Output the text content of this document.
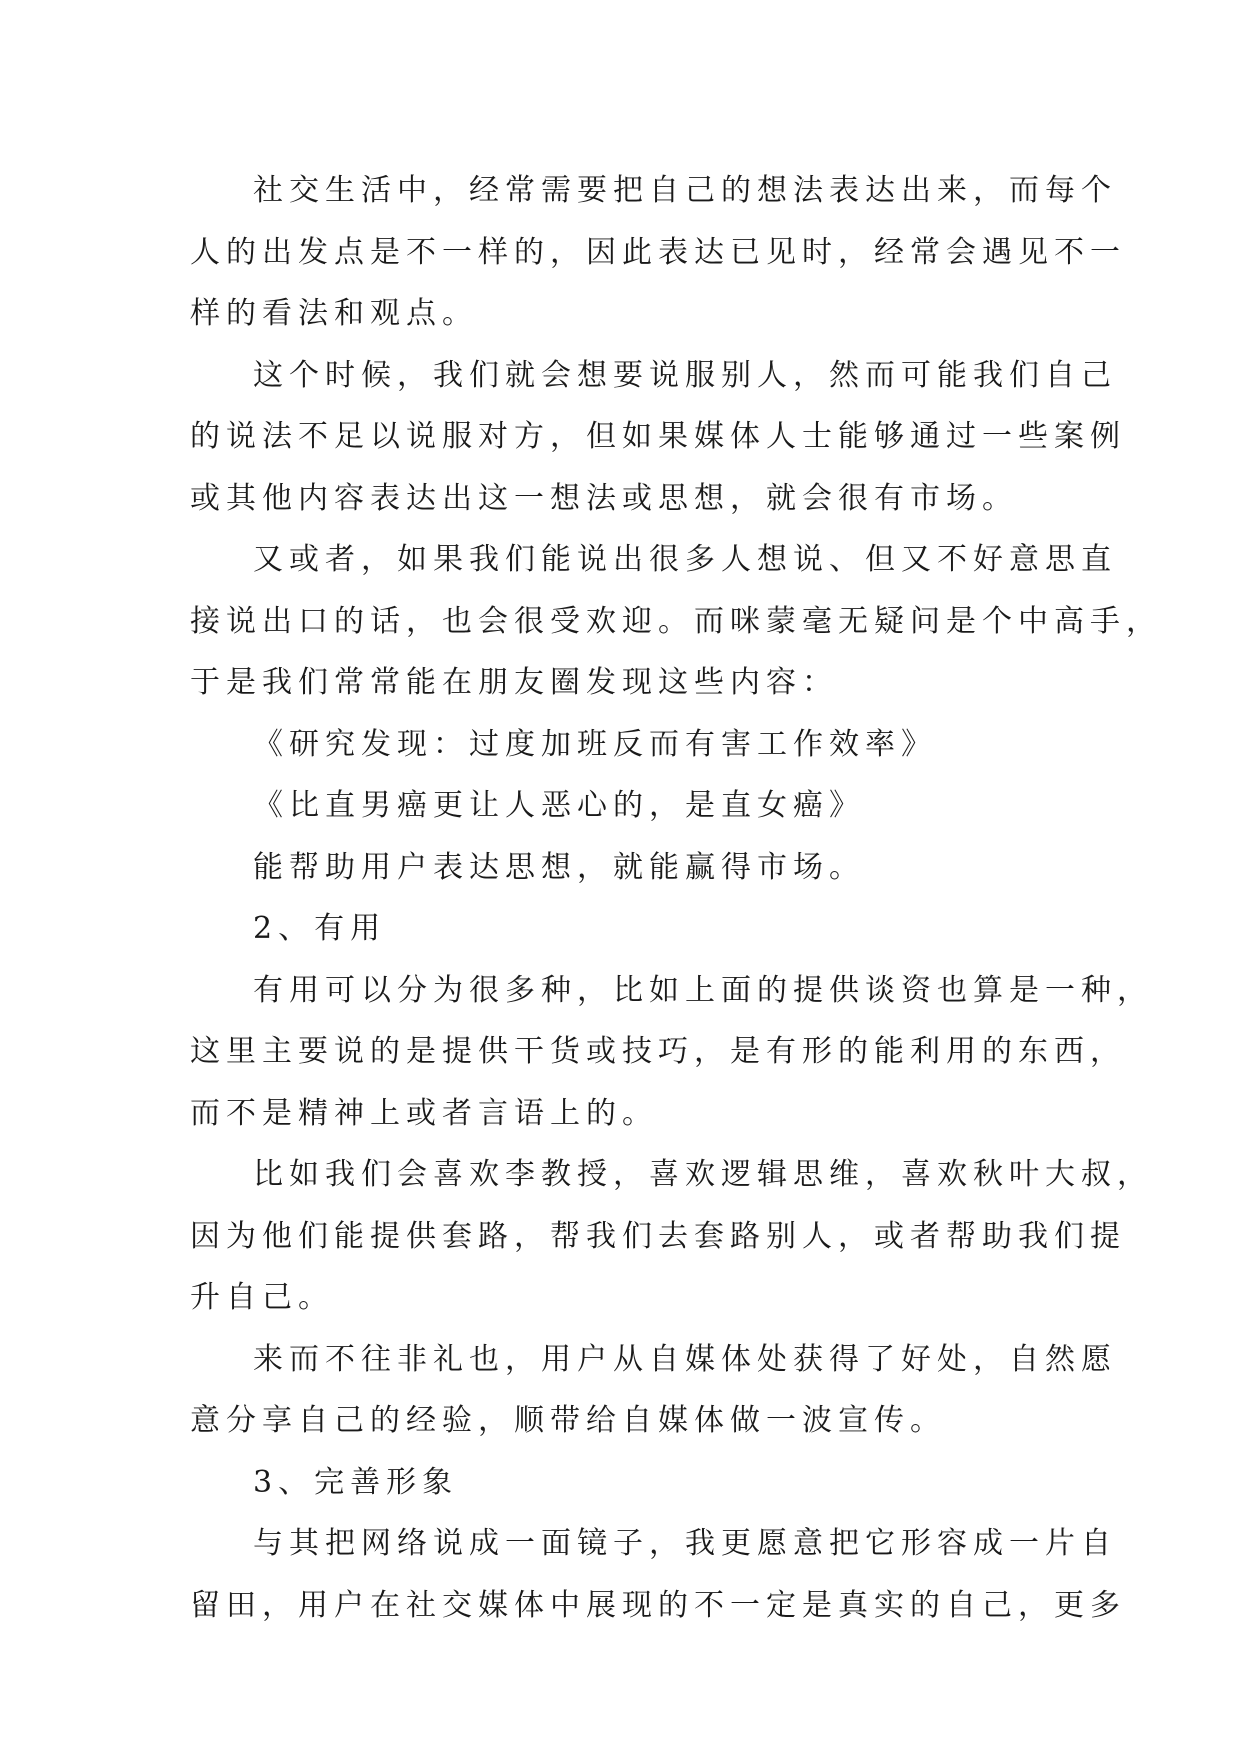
社交生活中，经常需要把自己的想法表达出来，而每个
人的出发点是不一样的，因此表达已见时，经常会遇见不一
样的看法和观点。
这个时候，我们就会想要说服别人，然而可能我们自己
的说法不足以说服对方，但如果媒体人士能够通过一些案例
或其他内容表达出这一想法或思想，就会很有市场。
又或者，如果我们能说出很多人想说、但又不好意思直
接说出口的话，也会很受欢迎。而咪蒙毫无疑问是个中高手，
于是我们常常能在朋友圈发现这些内容：
《研究发现：过度加班反而有害工作效率》
《比直男癌更让人恶心的，是直女癌》
能帮助用户表达思想，就能赢得市场。
2、有用
有用可以分为很多种，比如上面的提供谈资也算是一种，
这里主要说的是提供干货或技巧，是有形的能利用的东西，
而不是精神上或者言语上的。
比如我们会喜欢李教授，喜欢逻辑思维，喜欢秋叶大叔，
因为他们能提供套路，帮我们去套路别人，或者帮助我们提
升自己。
来而不往非礼也，用户从自媒体处获得了好处，自然愿
意分享自己的经验，顺带给自媒体做一波宣传。
3、完善形象
与其把网络说成一面镜子，我更愿意把它形容成一片自
留田，用户在社交媒体中展现的不一定是真实的自己，更多
